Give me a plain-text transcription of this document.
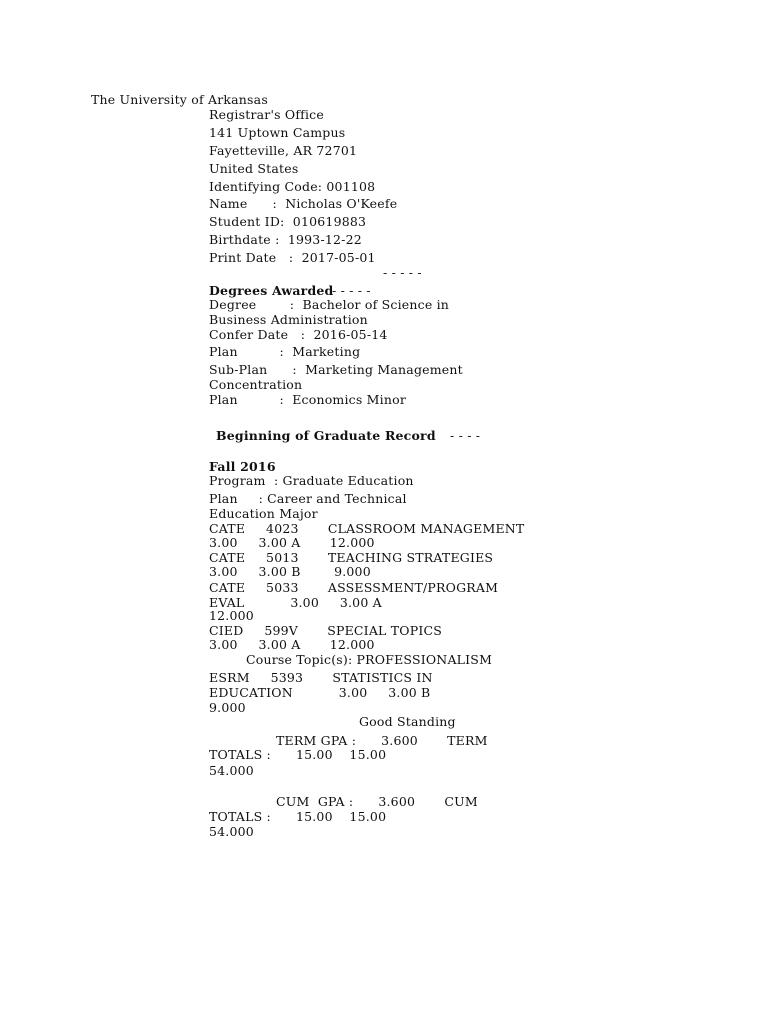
The University of Arkansas
Registrar's Office
141 Uptown Campus
Fayetteville, AR 72701
United States
Identifying Code: 001108
Name      :  Nicholas O'Keefe
Student ID:  010619883
Birthdate :  1993-12-22
Print Date   :  2017-05-01
- - - - -
Degrees Awarded
- - - - -
Degree        :  Bachelor of Science in
Business Administration
Confer Date   :  2016-05-14
Plan          :  Marketing
Sub-Plan      :  Marketing Management
Concentration
Plan          :  Economics Minor
Beginning of Graduate Record - - - -
Fall 2016
Program  : Graduate Education
Plan     : Career and Technical
Education Major
CATE     4023       CLASSROOM MANAGEMENT
3.00     3.00 A       12.000
CATE     5013       TEACHING STRATEGIES
3.00     3.00 B        9.000
CATE     5033       ASSESSMENT/PROGRAM
EVAL           3.00     3.00 A
12.000
CIED     599V       SPECIAL TOPICS
3.00     3.00 A       12.000
Course Topic(s): PROFESSIONALISM
ESRM     5393       STATISTICS IN
EDUCATION           3.00     3.00 B
9.000
Good Standing
TERM GPA :      3.600       TERM
TOTALS :      15.00    15.00
54.000
CUM  GPA :      3.600       CUM
TOTALS :      15.00    15.00
54.000
